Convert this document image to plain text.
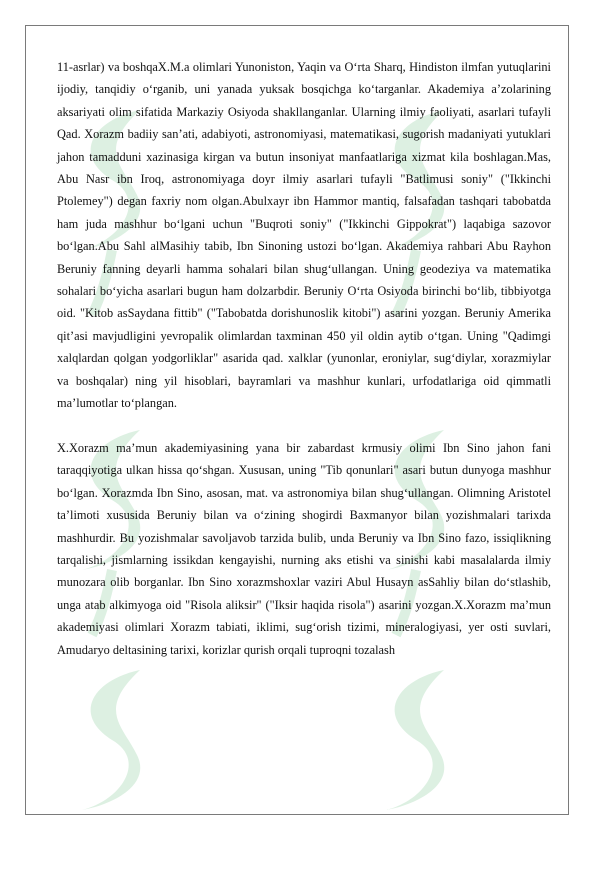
11-asrlar) va boshqaX.M.a olimlari Yunoniston, Yaqin va O‘rta Sharq, Hindiston ilmfan yutuqlarini ijodiy, tanqidiy o‘rganib, uni yanada yuksak bosqichga ko‘targanlar. Akademiya a’zolarining aksariyati olim sifatida Markaziy Osiyoda shakllanganlar. Ularning ilmiy faoliyati, asarlari tufayli Qad. Xorazm badiiy san’ati, adabiyoti, astronomiyasi, matematikasi, sugorish madaniyati yutuklari jahon tamadduni xazinasiga kirgan va butun insoniyat manfaatlariga xizmat kila boshlagan.Mas, Abu Nasr ibn Iroq, astronomiyaga doyr ilmiy asarlari tufayli "Batlimusi soniy" ("Ikkinchi Ptolemey") degan faxriy nom olgan.Abulxayr ibn Hammor mantiq, falsafadan tashqari tabobatda ham juda mashhur bo‘lgani uchun "Buqroti soniy" ("Ikkinchi Gippokrat") laqabiga sazovor bo‘lgan.Abu Sahl alMasihiy tabib, Ibn Sinoning ustozi bo‘lgan. Akademiya rahbari Abu Rayhon Beruniy fanning deyarli hamma sohalari bilan shug‘ullangan. Uning geodeziya va matematika sohalari bo‘yicha asarlari bugun ham dolzarbdir. Beruniy O‘rta Osiyoda birinchi bo‘lib, tibbiyotga oid. "Kitob asSaydana fittib" ("Tabobatda dorishunoslik kitobi") asarini yozgan. Beruniy Amerika qit’asi mavjudligini yevropalik olimlardan taxminan 450 yil oldin aytib o‘tgan. Uning "Qadimgi xalqlardan qolgan yodgorliklar" asarida qad. xalklar (yunonlar, eroniylar, sug‘diylar, xorazmiylar va boshqalar) ning yil hisoblari, bayramlari va mashhur kunlari, urfodatlariga oid qimmatli ma’lumotlar to‘plangan.

X.Xorazm ma’mun akademiyasining yana bir zabardast krmusiy olimi Ibn Sino jahon fani taraqqiyotiga ulkan hissa qo‘shgan. Xususan, uning "Tib qonunlari" asari butun dunyoga mashhur bo‘lgan. Xorazmda Ibn Sino, asosan, mat. va astronomiya bilan shug‘ullangan. Olimning Aristotel ta’limoti xususida Beruniy bilan va o‘zining shogirdi Baxmanyor bilan yozishmalari tarixda mashhurdir. Bu yozishmalar savoljavob tarzida bulib, unda Beruniy va Ibn Sino fazo, issiqlikning tarqalishi, jismlarning issikdan kengayishi, nurning aks etishi va sinishi kabi masalalarda ilmiy munozara olib borganlar. Ibn Sino xorazmshoxlar vaziri Abul Husayn asSahliy bilan do‘stlashib, unga atab alkimyoga oid "Risola aliksir" ("Iksir haqida risola") asarini yozgan.X.Xorazm ma’mun akademiyasi olimlari Xorazm tabiati, iklimi, sug‘orish tizimi, mineralogiyasi, yer osti suvlari, Amudaryo deltasining tarixi, korizlar qurish orqali tuproqni tozalash
